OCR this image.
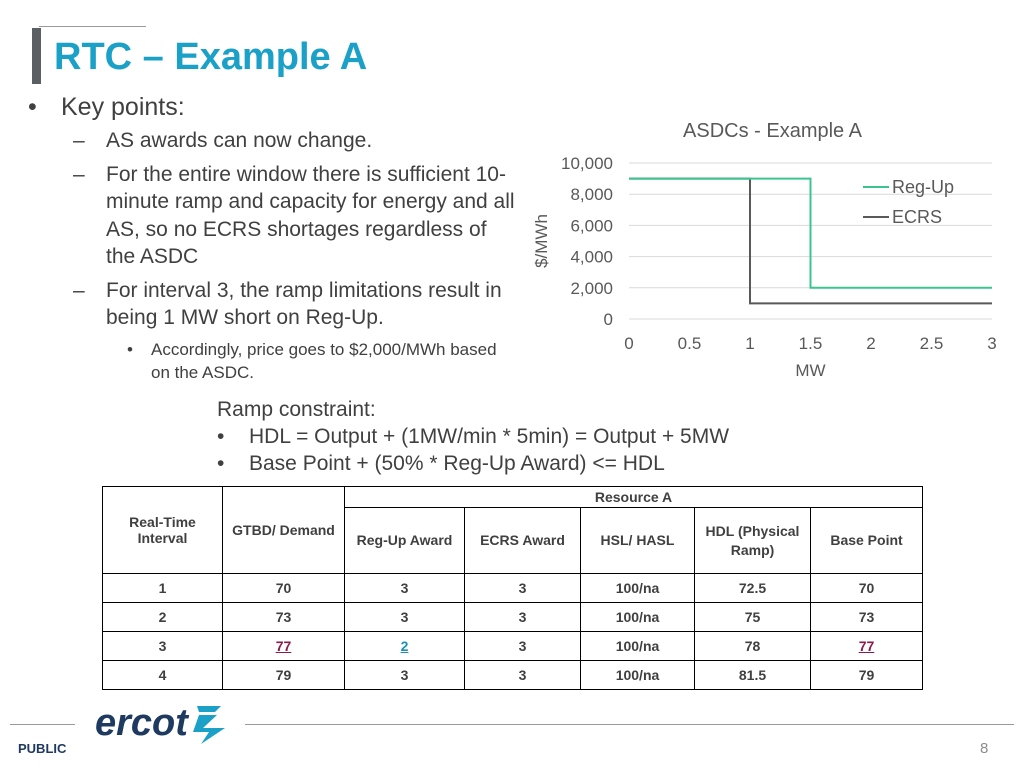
RTC – Example A
• Key points:
– AS awards can now change.
– For the entire window there is sufficient 10-minute ramp and capacity for energy and all AS, so no ECRS shortages regardless of the ASDC
– For interval 3, the ramp limitations result in being 1 MW short on Reg-Up.
• Accordingly, price goes to $2,000/MWh based on the ASDC.
ASDCs - Example A
0
2,000
4,000
6,000
8,000
10,000
0	0.5	1	1.5	2	2.5	3
MW
$/MWh
Reg-Up
ECRS
Ramp constraint:
• HDL = Output + (1MW/min * 5min) = Output + 5MW
• Base Point + (50% * Reg-Up Award) <= HDL
Real-Time Interval	GTBD/ Demand	Resource A				
		Reg-Up Award	ECRS Award	HSL/ HASL	HDL (Physical Ramp)	Base Point
1	70	3	3	100/na	72.5	70
2	73	3	3	100/na	75	73
3	77	2	3	100/na	78	77
4	79	3	3	100/na	81.5	79
ercot
PUBLIC	8
